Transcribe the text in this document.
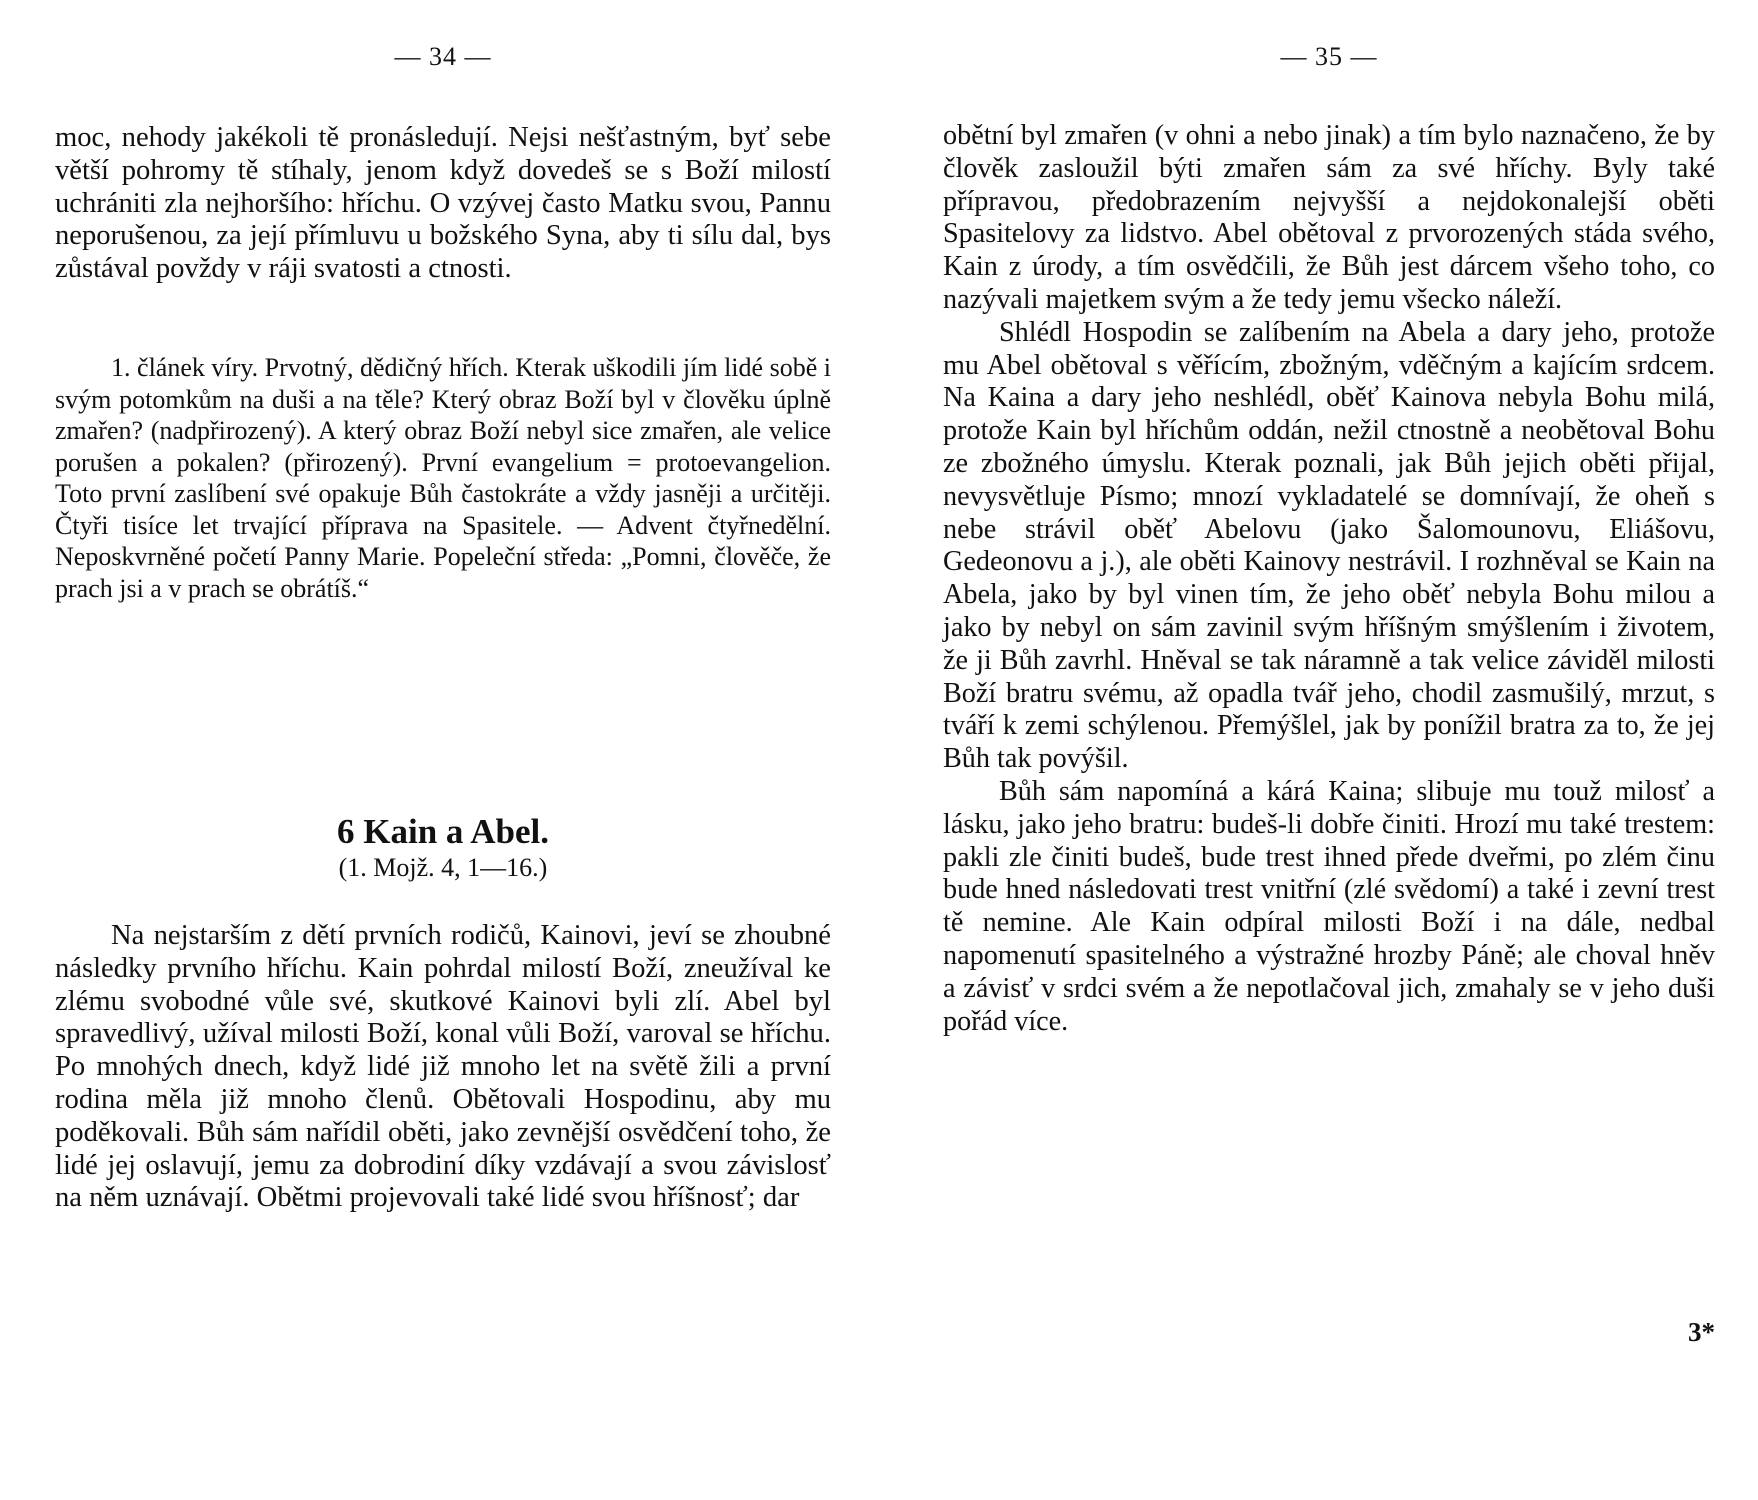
— 34 —

moc, nehody jakékoli tě pronásledují. Nejsi nešťastným, byť sebe větší pohromy tě stíhaly, jenom když dovedeš se s Boží milostí uchrániti zla nejhoršího: hříchu. O vzývej často Matku svou, Pannu neporušenou, za její přímluvu u božského Syna, aby ti sílu dal, bys zůstával povždy v ráji svatosti a ctnosti.

1. článek víry. Prvotný, dědičný hřích. Kterak uškodili jím lidé sobě i svým potomkům na duši a na těle? Který obraz Boží byl v člověku úplně zmařen? (nadpřirozený). A který obraz Boží nebyl sice zmařen, ale velice porušen a pokalen? (přirozený). První evangelium = protoevangelion. Toto první zaslíbení své opakuje Bůh častokráte a vždy jasněji a určitěji. Čtyři tisíce let trvající příprava na Spasitele. — Advent čtyřnedělní. Neposkvrněné početí Panny Marie. Popeleční středa: „Pomni, člověče, že prach jsi a v prach se obrátíš.“

6 Kain a Abel.
(1. Mojž. 4, 1—16.)

Na nejstarším z dětí prvních rodičů, Kainovi, jeví se zhoubné následky prvního hříchu. Kain pohrdal milostí Boží, zneužíval ke zlému svobodné vůle své, skutkové Kainovi byli zlí. Abel byl spravedlivý, užíval milosti Boží, konal vůli Boží, varoval se hříchu. Po mnohých dnech, když lidé již mnoho let na světě žili a první rodina měla již mnoho členů. Obětovali Hospodinu, aby mu poděkovali. Bůh sám nařídil oběti, jako zevnější osvědčení toho, že lidé jej oslavují, jemu za dobrodiní díky vzdávají a svou závislosť na něm uznávají. Obětmi projevovali také lidé svou hříšnosť; dar

— 35 —

obětní byl zmařen (v ohni a nebo jinak) a tím bylo naznačeno, že by člověk zasloužil býti zmařen sám za své hříchy. Byly také přípravou, předobrazením nejvyšší a nejdokonalejší oběti Spasitelovy za lidstvo. Abel obětoval z prvorozených stáda svého, Kain z úrody, a tím osvědčili, že Bůh jest dárcem všeho toho, co nazývali majetkem svým a že tedy jemu všecko náleží.

Shlédl Hospodin se zalíbením na Abela a dary jeho, protože mu Abel obětoval s věřícím, zbožným, vděčným a kajícím srdcem. Na Kaina a dary jeho neshlédl, oběť Kainova nebyla Bohu milá, protože Kain byl hříchům oddán, nežil ctnostně a neobětoval Bohu ze zbožného úmyslu. Kterak poznali, jak Bůh jejich oběti přijal, nevysvětluje Písmo; mnozí vykladatelé se domnívají, že oheň s nebe strávil oběť Abelovu (jako Šalomounovu, Eliášovu, Gedeonovu a j.), ale oběti Kainovy nestrávil. I rozhněval se Kain na Abela, jako by byl vinen tím, že jeho oběť nebyla Bohu milou a jako by nebyl on sám zavinil svým hříšným smýšlením i životem, že ji Bůh zavrhl. Hněval se tak náramně a tak velice záviděl milosti Boží bratru svému, až opadla tvář jeho, chodil zasmušilý, mrzut, s tváří k zemi schýlenou. Přemýšlel, jak by ponížil bratra za to, že jej Bůh tak povýšil.

Bůh sám napomíná a kárá Kaina; slibuje mu touž milosť a lásku, jako jeho bratru: budeš-li dobře činiti. Hrozí mu také trestem: pakli zle činiti budeš, bude trest ihned přede dveřmi, po zlém činu bude hned následovati trest vnitřní (zlé svědomí) a také i zevní trest tě nemine. Ale Kain odpíral milosti Boží i na dále, nedbal napomenutí spasitelného a výstražné hrozby Páně; ale choval hněv a závisť v srdci svém a že nepotlačoval jich, zmahaly se v jeho duši pořád více.

3*
